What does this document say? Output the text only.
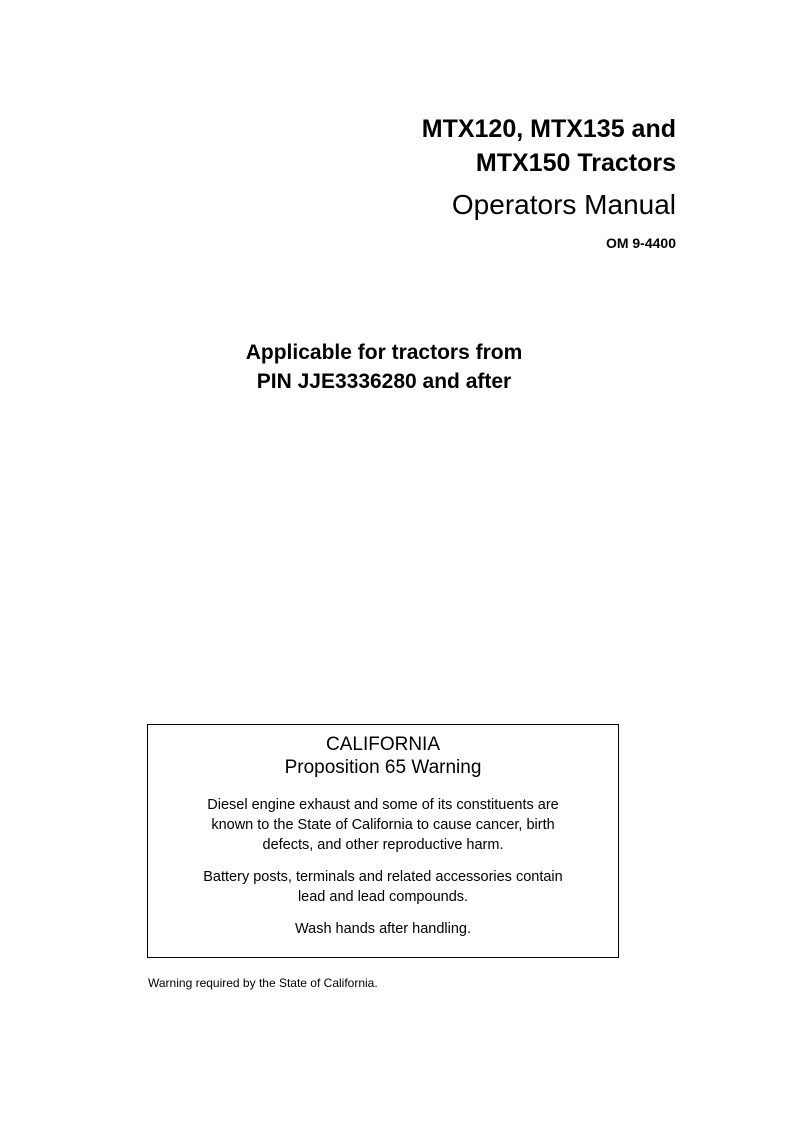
MTX120, MTX135 and
MTX150 Tractors
Operators Manual
OM 9-4400
Applicable for tractors from
PIN JJE3336280 and after
CALIFORNIA
Proposition 65 Warning
Diesel engine exhaust and some of its constituents are
known to the State of California to cause cancer, birth
defects, and other reproductive harm.
Battery posts, terminals and related accessories contain
lead and lead compounds.
Wash hands after handling.
Warning required by the State of California.
